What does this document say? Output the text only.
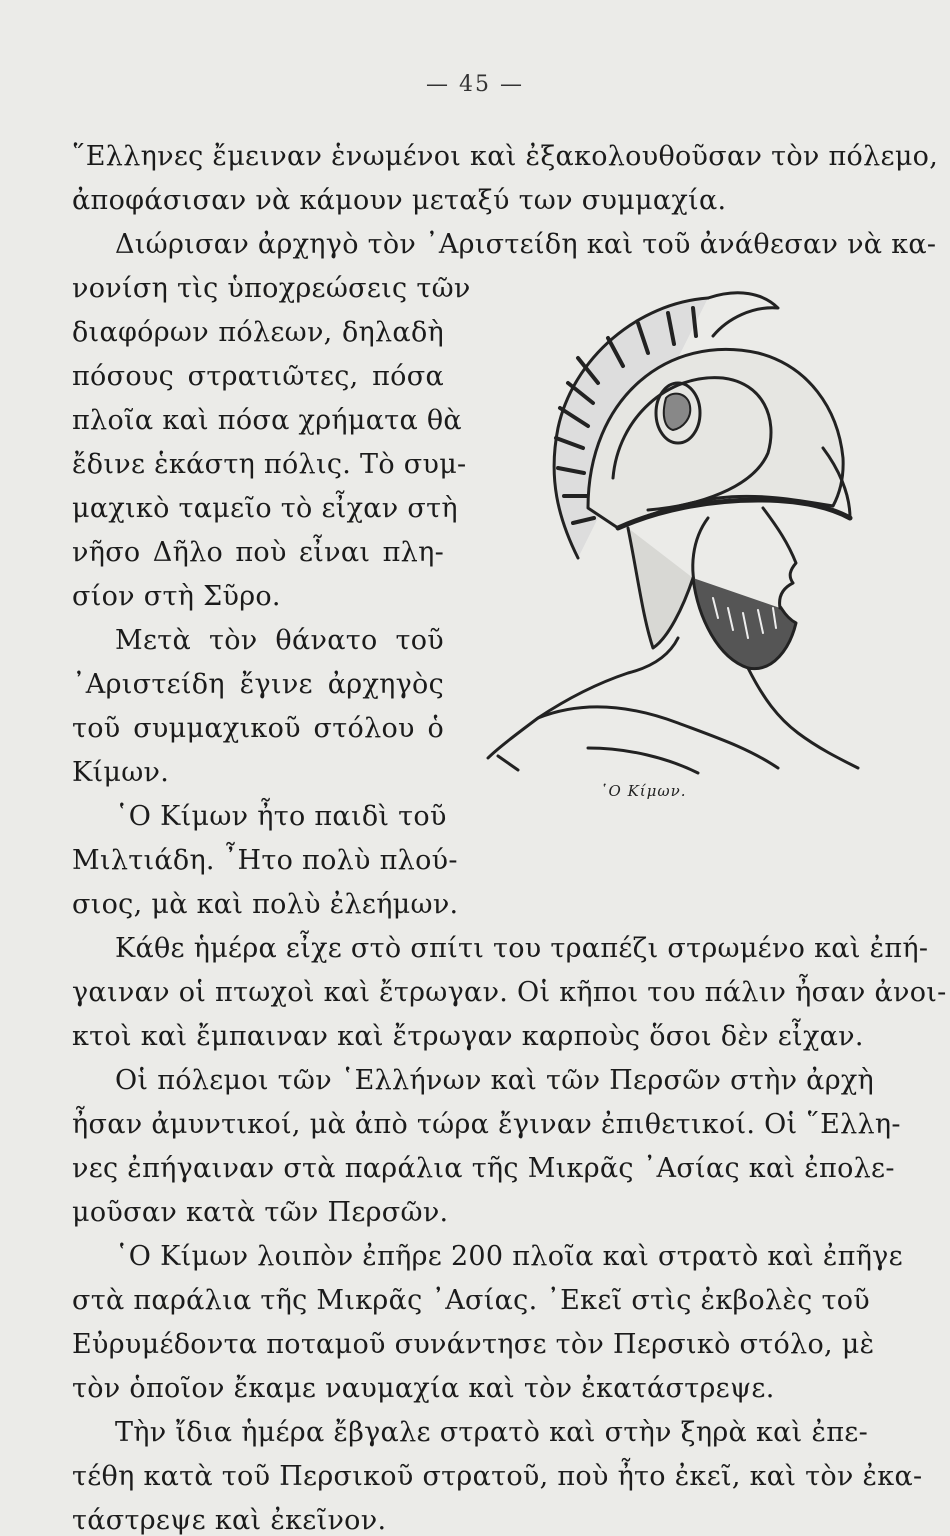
— 45 —
῞Ελληνες ἔμειναν ἑνωμένοι καὶ ἐξακολουθοῦσαν τὸν πόλεμο,
ἀποφάσισαν νὰ κάμουν μεταξύ των συμμαχία.
Διώρισαν ἀρχηγὸ τὸν ᾿Αριστείδη καὶ τοῦ ἀνάθεσαν νὰ κα-
νονίση τὶς ὑποχρεώσεις τῶν
διαφόρων πόλεων, δηλαδὴ
πόσους στρατιῶτες, πόσα
πλοῖα καὶ πόσα χρήματα θὰ
ἔδινε ἑκάστη πόλις. Τὸ συμ-
μαχικὸ ταμεῖο τὸ εἶχαν στὴ
νῆσο Δῆλο ποὺ εἶναι πλη-
σίον στὴ Σῦρο.
Μετὰ τὸν θάνατο τοῦ
᾿Αριστείδη ἔγινε ἀρχηγὸς
τοῦ συμμαχικοῦ στόλου ὁ
Κίμων.
῾Ο Κίμων ἦτο παιδὶ τοῦ
Μιλτιάδη. ῏Ητο πολὺ πλού-
σιος, μὰ καὶ πολὺ ἐλεήμων.
Κάθε ἡμέρα εἶχε στὸ σπίτι του τραπέζι στρωμένο καὶ ἐπή-
γαιναν οἱ πτωχοὶ καὶ ἔτρωγαν. Οἱ κῆποι του πάλιν ἦσαν ἀνοι-
κτοὶ καὶ ἔμπαιναν καὶ ἔτρωγαν καρποὺς ὅσοι δὲν εἶχαν.
Οἱ πόλεμοι τῶν ῾Ελλήνων καὶ τῶν Περσῶν στὴν ἀρχὴ
ἦσαν ἀμυντικοί, μὰ ἀπὸ τώρα ἔγιναν ἐπιθετικοί. Οἱ ῞Ελλη-
νες ἐπήγαιναν στὰ παράλια τῆς Μικρᾶς ᾿Ασίας καὶ ἐπολε-
μοῦσαν κατὰ τῶν Περσῶν.
῾Ο Κίμων λοιπὸν ἐπῆρε 200 πλοῖα καὶ στρατὸ καὶ ἐπῆγε
στὰ παράλια τῆς Μικρᾶς ᾿Ασίας. ᾿Εκεῖ στὶς ἐκβολὲς τοῦ
Εὐρυμέδοντα ποταμοῦ συνάντησε τὸν Περσικὸ στόλο, μὲ
τὸν ὁποῖον ἔκαμε ναυμαχία καὶ τὸν ἐκατάστρεψε.
Τὴν ἴδια ἡμέρα ἔβγαλε στρατὸ καὶ στὴν ξηρὰ καὶ ἐπε-
τέθη κατὰ τοῦ Περσικοῦ στρατοῦ, ποὺ ἦτο ἐκεῖ, καὶ τὸν ἐκα-
τάστρεψε καὶ ἐκεῖνον.
῾Ο Κίμων.
